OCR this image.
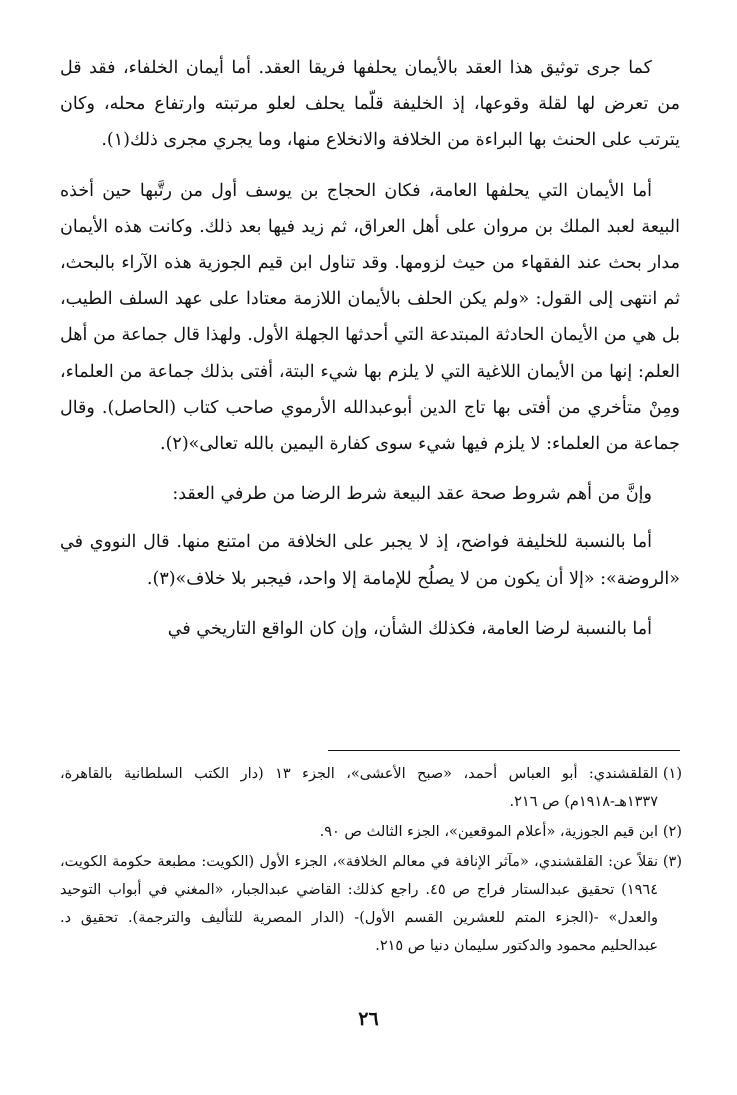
كما جرى توثيق هذا العقد بالأيمان يحلفها فريقا العقد. أما أيمان الخلفاء، فقد قل من تعرض لها لقلة وقوعها، إذ الخليفة قلّما يحلف لعلو مرتبته وارتفاع محله، وكان يترتب على الحنث بها البراءة من الخلافة والانخلاع منها، وما يجري مجرى ذلك(١).

أما الأيمان التي يحلفها العامة، فكان الحجاج بن يوسف أول من رتَّبها حين أخذه البيعة لعبد الملك بن مروان على أهل العراق، ثم زيد فيها بعد ذلك. وكانت هذه الأيمان مدار بحث عند الفقهاء من حيث لزومها. وقد تناول ابن قيم الجوزية هذه الآراء بالبحث، ثم انتهى إلى القول: «ولم يكن الحلف بالأيمان اللازمة معتادا على عهد السلف الطيب، بل هي من الأيمان الحادثة المبتدعة التي أحدثها الجهلة الأول. ولهذا قال جماعة من أهل العلم: إنها من الأيمان اللاغية التي لا يلزم بها شيء البتة، أفتى بذلك جماعة من العلماء، ومِنْ متأخري من أفتى بها تاج الدين أبوعبدالله الأرموي صاحب كتاب (الحاصل). وقال جماعة من العلماء: لا يلزم فيها شيء سوى كفارة اليمين بالله تعالى»(٢).

وإنَّ من أهم شروط صحة عقد البيعة شرط الرضا من طرفي العقد:

أما بالنسبة للخليفة فواضح، إذ لا يجبر على الخلافة من امتنع منها. قال النووي في «الروضة»: «إلا أن يكون من لا يصلُح للإمامة إلا واحد، فيجبر بلا خلاف»(٣).

أما بالنسبة لرضا العامة، فكذلك الشأن، وإن كان الواقع التاريخي في

(١)القلقشندي: أبو العباس أحمد، «صبح الأعشى»، الجزء ١٣ (دار الكتب السلطانية بالقاهرة، ١٣٣٧هـ-١٩١٨م) ص ٢١٦.

(٢)ابن قيم الجوزية، «أعلام الموقعين»، الجزء الثالث ص ٩٠.

(٣)نقلاً عن: القلقشندي، «مآثر الإنافة في معالم الخلافة»، الجزء الأول (الكويت: مطبعة حكومة الكويت، ١٩٦٤) تحقيق عبدالستار فراج ص ٤٥. راجع كذلك: القاضي عبدالجبار، «المغني في أبواب التوحيد والعدل» -(الجزء المتم للعشرين القسم الأول)- (الدار المصرية للتأليف والترجمة). تحقيق د. عبدالحليم محمود والدكتور سليمان دنيا ص ٢١٥.

٢٦
